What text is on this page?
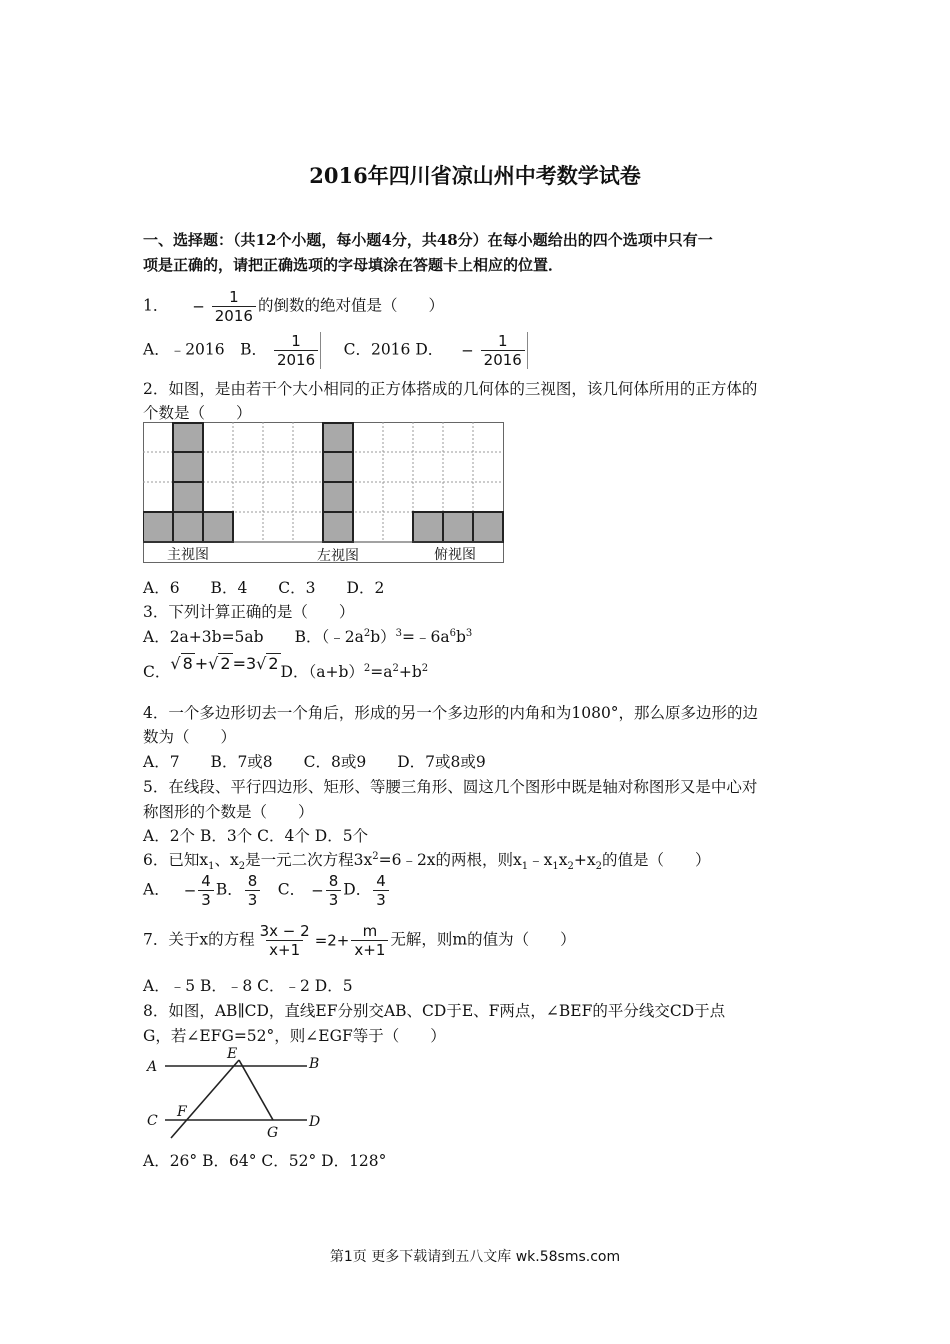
2016年四川省凉山州中考数学试卷
一、选择题：（共12个小题，每小题4分，共48分）在每小题给出的四个选项中只有一
项是正确的，请把正确选项的字母填涂在答题卡上相应的位置．
1． − $\frac{1}{2016}$ 的倒数的绝对值是（　　）
A．﹣2016　B． $\frac{1}{2016}$ 　C．2016 D． − $\frac{1}{2016}$
2．如图，是由若干个大小相同的正方体搭成的几何体的三视图，该几何体所用的正方体的
个数是（　　）
主视图	左视图	俯视图
A．6　　B．4　　C．3　　D．2
3．下列计算正确的是（　　）
A．2a+3b=5ab　　B．$(﹣2a^2b)^3=﹣6a^6b^3$
C．√ 8 +√ 2 =3√ 2 D．$(a+b)^2=a^2+b^2$
4．一个多边形切去一个角后，形成的另一个多边形的内角和为1080°，那么原多边形的边
数为（　　）
A．7　　B．7或8　　C．8或9　　D．7或8或9
5．在线段、平行四边形、矩形、等腰三角形、圆这几个图形中既是轴对称图形又是中心对
称图形的个数是（　　）
A．2个 B．3个 C．4个 D．5个
6．已知$x_1$、$x_2$是一元二次方程$3x^2=6﹣2x$的两根，则$x_1﹣x_1x_2+x_2$的值是（　　）
A． − $\frac{4}{3}$ B． $\frac{8}{3}$ 　C． − $\frac{8}{3}$ D． $\frac{4}{3}$
7．关于x的方程 $\frac{3x - 2}{x+1} =2+ \frac{m}{x+1}$ 无解，则m的值为（　　）
A．﹣5 B．﹣8 C．﹣2 D．5
8．如图，AB∥CD，直线EF分别交AB、CD于E、F两点，∠BEF的平分线交CD于点
G，若∠EFG=52°，则∠EGF等于（　　）
A	B
C	D
E
F
G
A．26° B．64° C．52° D．128°
第1页 更多下载请到五八文库 wk.58sms.com
